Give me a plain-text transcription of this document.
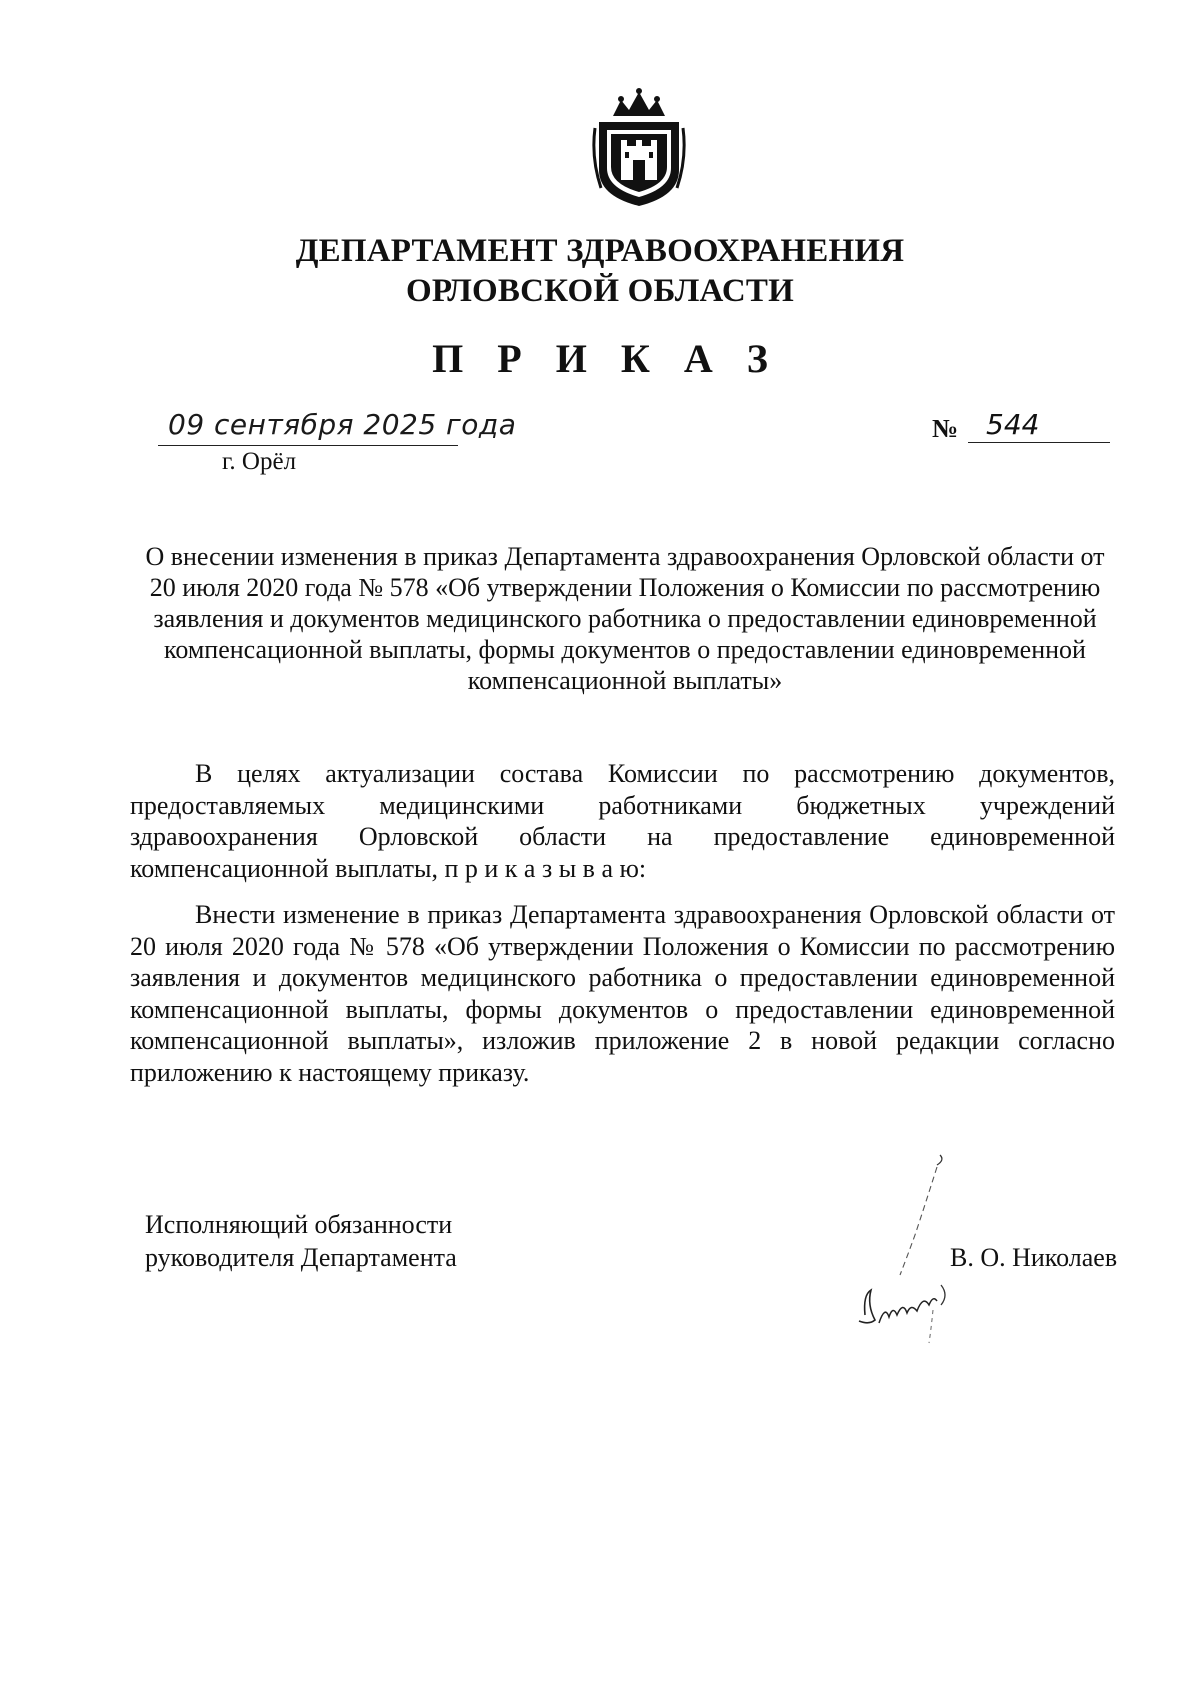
ДЕПАРТАМЕНТ ЗДРАВООХРАНЕНИЯ
ОРЛОВСКОЙ ОБЛАСТИ
П Р И К А З
09 сентября 2025 года
г. Орёл
№ 544
О внесении изменения в приказ Департамента здравоохранения Орловской области от 20 июля 2020 года № 578 «Об утверждении Положения о Комиссии по рассмотрению заявления и документов медицинского работника о предоставлении единовременной компенсационной выплаты, формы документов о предоставлении единовременной компенсационной выплаты»

В целях актуализации состава Комиссии по рассмотрению документов, предоставляемых медицинскими работниками бюджетных учреждений здравоохранения Орловской области на предоставление единовременной компенсационной выплаты, п р и к а з ы в а ю:

Внести изменение в приказ Департамента здравоохранения Орловской области от 20 июля 2020 года № 578 «Об утверждении Положения о Комиссии по рассмотрению заявления и документов медицинского работника о предоставлении единовременной компенсационной выплаты, формы документов о предоставлении единовременной компенсационной выплаты», изложив приложение 2 в новой редакции согласно приложению к настоящему приказу.

Исполняющий обязанности
руководителя Департамента	В. О. Николаев
